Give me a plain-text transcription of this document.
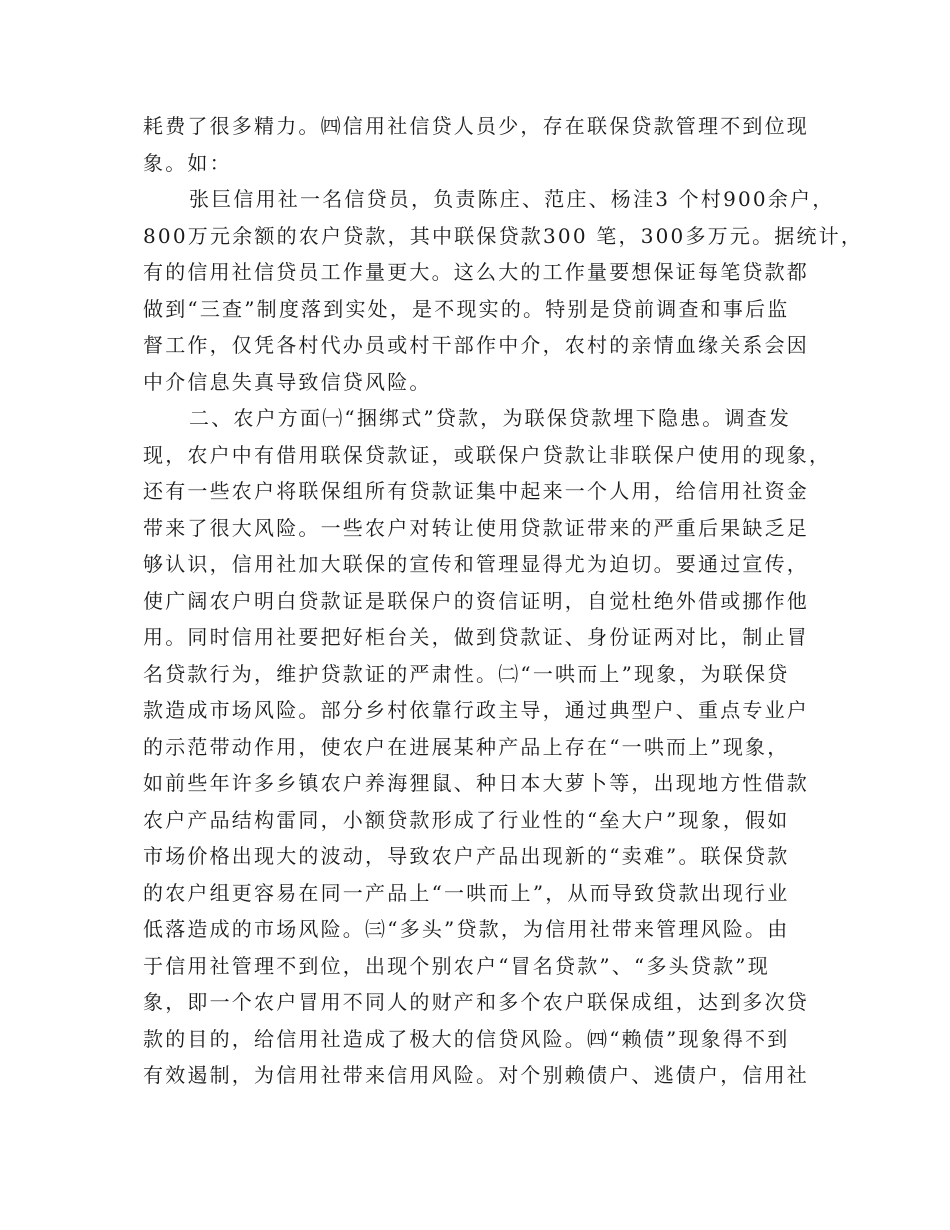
耗费了很多精力。㈣信用社信贷人员少，存在联保贷款管理不到位现
象。如：
张巨信用社一名信贷员，负责陈庄、范庄、杨洼3 个村900余户，
800万元余额的农户贷款，其中联保贷款300 笔，300多万元。据统计，
有的信用社信贷员工作量更大。这么大的工作量要想保证每笔贷款都
做到“三查”制度落到实处，是不现实的。特别是贷前调查和事后监
督工作，仅凭各村代办员或村干部作中介，农村的亲情血缘关系会因
中介信息失真导致信贷风险。
二、农户方面㈠“捆绑式”贷款，为联保贷款埋下隐患。调查发
现，农户中有借用联保贷款证，或联保户贷款让非联保户使用的现象，
还有一些农户将联保组所有贷款证集中起来一个人用，给信用社资金
带来了很大风险。一些农户对转让使用贷款证带来的严重后果缺乏足
够认识，信用社加大联保的宣传和管理显得尤为迫切。要通过宣传，
使广阔农户明白贷款证是联保户的资信证明，自觉杜绝外借或挪作他
用。同时信用社要把好柜台关，做到贷款证、身份证两对比，制止冒
名贷款行为，维护贷款证的严肃性。㈡“一哄而上”现象，为联保贷
款造成市场风险。部分乡村依靠行政主导，通过典型户、重点专业户
的示范带动作用，使农户在进展某种产品上存在“一哄而上”现象，
如前些年许多乡镇农户养海狸鼠、种日本大萝卜等，出现地方性借款
农户产品结构雷同，小额贷款形成了行业性的“垒大户”现象，假如
市场价格出现大的波动，导致农户产品出现新的“卖难”。联保贷款
的农户组更容易在同一产品上“一哄而上”，从而导致贷款出现行业
低落造成的市场风险。㈢“多头”贷款，为信用社带来管理风险。由
于信用社管理不到位，出现个别农户“冒名贷款”、“多头贷款”现
象，即一个农户冒用不同人的财产和多个农户联保成组，达到多次贷
款的目的，给信用社造成了极大的信贷风险。㈣“赖债”现象得不到
有效遏制，为信用社带来信用风险。对个别赖债户、逃债户，信用社
